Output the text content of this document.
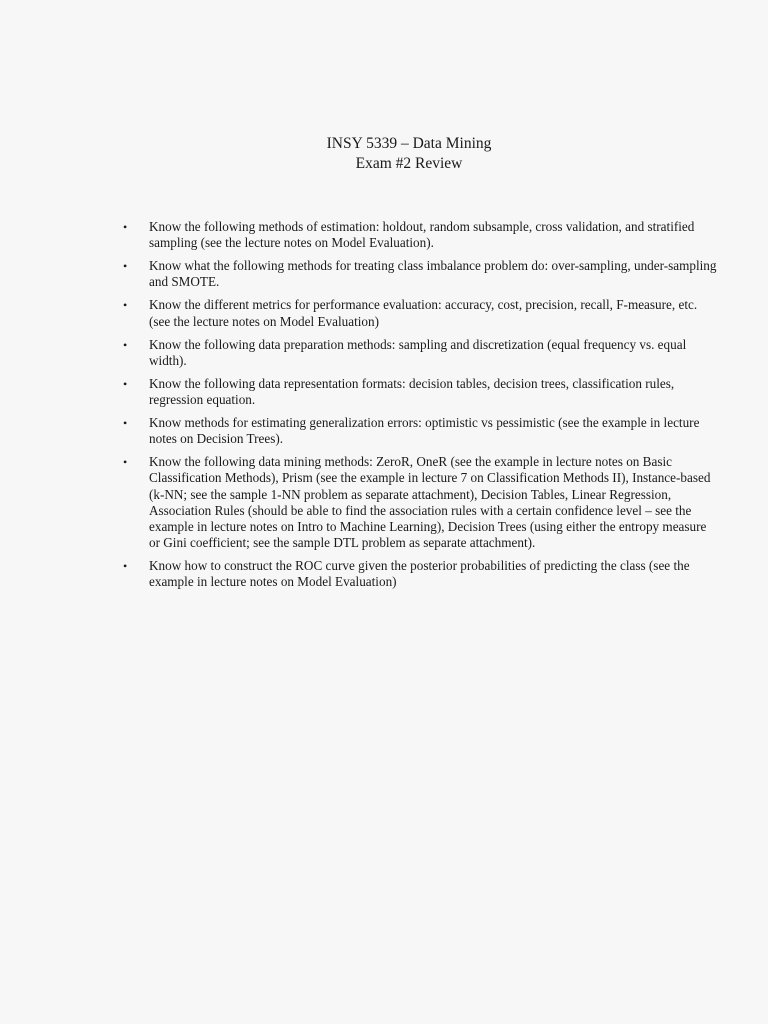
INSY 5339 – Data Mining
Exam #2 Review
• Know the following methods of estimation: holdout, random subsample, cross validation, and stratified sampling (see the lecture notes on Model Evaluation).
• Know what the following methods for treating class imbalance problem do: over-sampling, under-sampling and SMOTE.
• Know the different metrics for performance evaluation: accuracy, cost, precision, recall, F-measure, etc. (see the lecture notes on Model Evaluation)
• Know the following data preparation methods: sampling and discretization (equal frequency vs. equal width).
• Know the following data representation formats: decision tables, decision trees, classification rules, regression equation.
• Know methods for estimating generalization errors: optimistic vs pessimistic (see the example in lecture notes on Decision Trees).
• Know the following data mining methods: ZeroR, OneR (see the example in lecture notes on Basic Classification Methods), Prism (see the example in lecture 7 on Classification Methods II), Instance-based (k-NN; see the sample 1-NN problem as separate attachment), Decision Tables, Linear Regression, Association Rules (should be able to find the association rules with a certain confidence level – see the example in lecture notes on Intro to Machine Learning), Decision Trees (using either the entropy measure or Gini coefficient; see the sample DTL problem as separate attachment).
• Know how to construct the ROC curve given the posterior probabilities of predicting the class (see the example in lecture notes on Model Evaluation)
